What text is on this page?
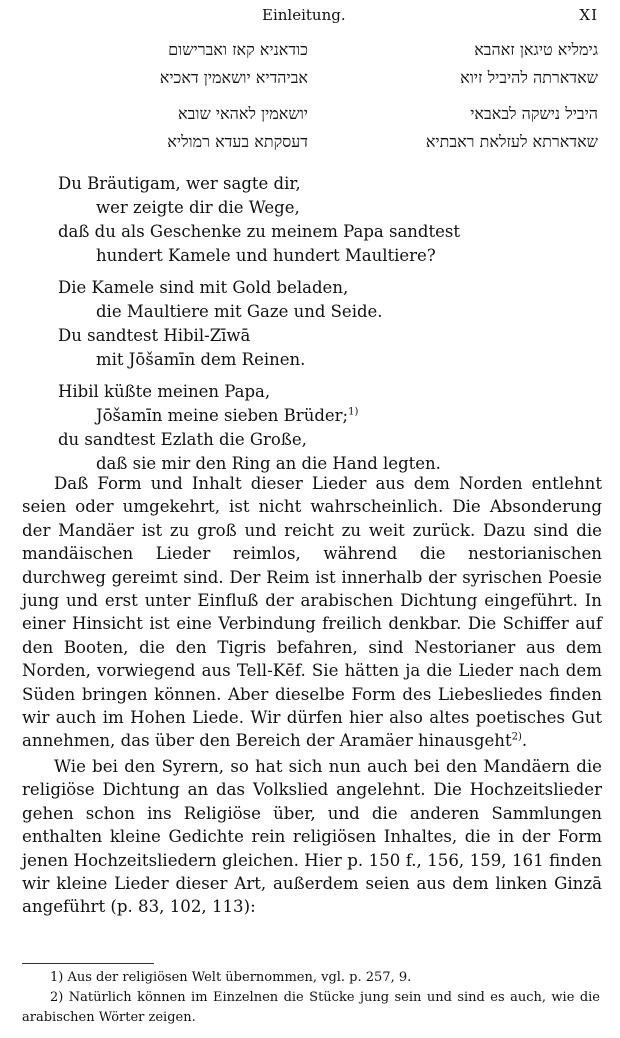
Einleitung.	XI
גימליא טיגאן זאהבא
שאדארתה להיביל זיוא
היביל נישקה לבאבאי
שאדארתא לעזלאת ראבתיא
כודאניא קאז ואברישום
אביהדיא יושאמין דאכיא
יושאמין לאהאי שובא
דעסקתא בעדא רמוליא
Du Bräutigam, wer sagte dir,
wer zeigte dir die Wege,
daß du als Geschenke zu meinem Papa sandtest
hundert Kamele und hundert Maultiere?
Die Kamele sind mit Gold beladen,
die Maultiere mit Gaze und Seide.
Du sandtest Hibil-Zīwā
mit Jōšamīn dem Reinen.
Hibil küßte meinen Papa,
Jōšamīn meine sieben Brüder;$^{1)}$
du sandtest Ezlath die Große,
daß sie mir den Ring an die Hand legten.

Daß Form und Inhalt dieser Lieder aus dem Norden entlehnt seien oder umgekehrt, ist nicht wahrscheinlich. Die Absonderung der Mandäer ist zu groß und reicht zu weit zurück. Dazu sind die mandäischen Lieder reimlos, während die nestorianischen durchweg gereimt sind. Der Reim ist innerhalb der syrischen Poesie jung und erst unter Einfluß der arabischen Dichtung eingeführt. In einer Hinsicht ist eine Verbindung freilich denkbar. Die Schiffer auf den Booten, die den Tigris befahren, sind Nestorianer aus dem Norden, vorwiegend aus Tell-Kēf. Sie hätten ja die Lieder nach dem Süden bringen können. Aber dieselbe Form des Liebesliedes finden wir auch im Hohen Liede. Wir dürfen hier also altes poetisches Gut annehmen, das über den Bereich der Aramäer hinausgeht$^{2)}$.

Wie bei den Syrern, so hat sich nun auch bei den Mandäern die religiöse Dichtung an das Volkslied angelehnt. Die Hochzeitslieder gehen schon ins Religiöse über, und die anderen Sammlungen enthalten kleine Gedichte rein religiösen Inhaltes, die in der Form jenen Hochzeitsliedern gleichen. Hier p. 150 f., 156, 159, 161 finden wir kleine Lieder dieser Art, außerdem seien aus dem linken Ginzā angeführt (p. 83, 102, 113):

1) Aus der religiösen Welt übernommen, vgl. p. 257, 9.
2) Natürlich können im Einzelnen die Stücke jung sein und sind es auch, wie die arabischen Wörter zeigen.
